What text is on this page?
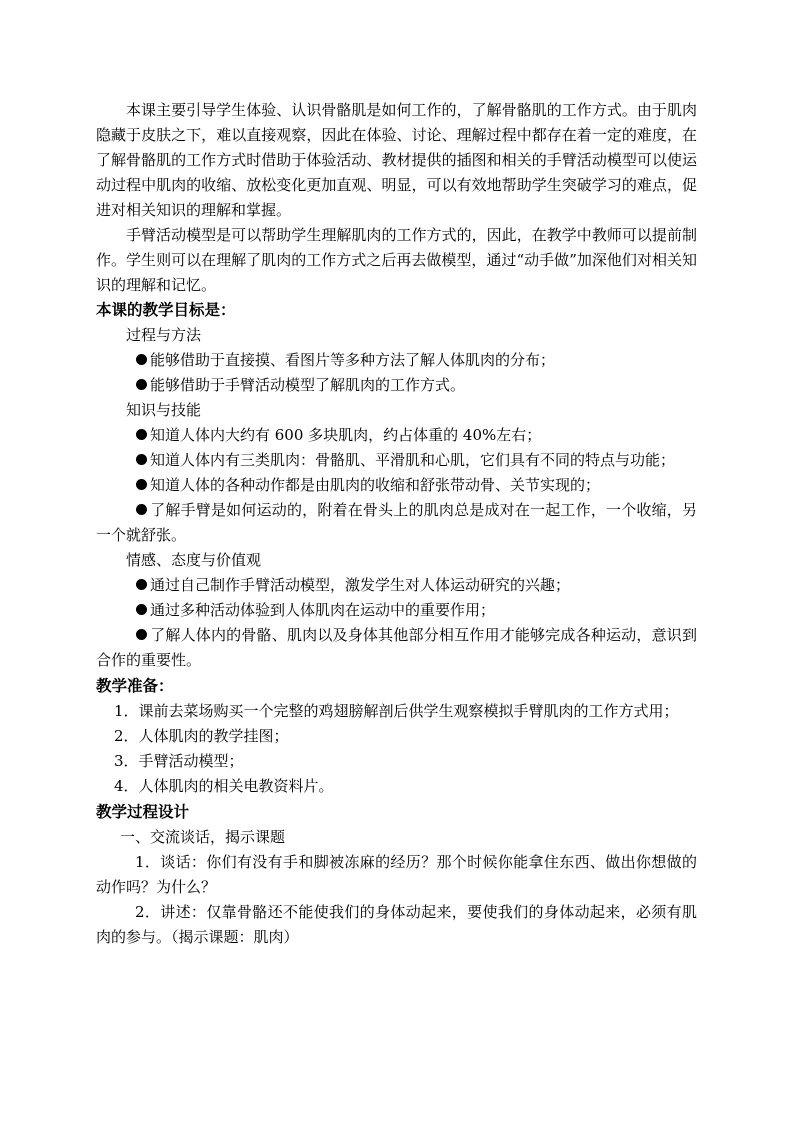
本课主要引导学生体验、认识骨骼肌是如何工作的，了解骨骼肌的工作方式。由于肌肉隐藏于皮肤之下，难以直接观察，因此在体验、讨论、理解过程中都存在着一定的难度，在了解骨骼肌的工作方式时借助于体验活动、教材提供的插图和相关的手臂活动模型可以使运动过程中肌肉的收缩、放松变化更加直观、明显，可以有效地帮助学生突破学习的难点，促进对相关知识的理解和掌握。

手臂活动模型是可以帮助学生理解肌肉的工作方式的，因此，在教学中教师可以提前制作。学生则可以在理解了肌肉的工作方式之后再去做模型，通过“动手做”加深他们对相关知识的理解和记忆。

本课的教学目标是：

过程与方法

能够借助于直接摸、看图片等多种方法了解人体肌肉的分布；

能够借助于手臂活动模型了解肌肉的工作方式。

知识与技能

知道人体内大约有 600 多块肌肉，约占体重的 40%左右；

知道人体内有三类肌肉：骨骼肌、平滑肌和心肌，它们具有不同的特点与功能；

知道人体的各种动作都是由肌肉的收缩和舒张带动骨、关节实现的；

了解手臂是如何运动的，附着在骨头上的肌肉总是成对在一起工作，一个收缩，另一个就舒张。

情感、态度与价值观

通过自己制作手臂活动模型，激发学生对人体运动研究的兴趣；

通过多种活动体验到人体肌肉在运动中的重要作用；

了解人体内的骨骼、肌肉以及身体其他部分相互作用才能够完成各种运动，意识到合作的重要性。

教学准备：

1．课前去菜场购买一个完整的鸡翅膀解剖后供学生观察模拟手臂肌肉的工作方式用；

2．人体肌肉的教学挂图；

3．手臂活动模型；

4．人体肌肉的相关电教资料片。

教学过程设计

一、交流谈话，揭示课题

1．谈话：你们有没有手和脚被冻麻的经历？那个时候你能拿住东西、做出你想做的动作吗？为什么？

2．讲述：仅靠骨骼还不能使我们的身体动起来，要使我们的身体动起来，必须有肌肉的参与。（揭示课题：肌肉）
